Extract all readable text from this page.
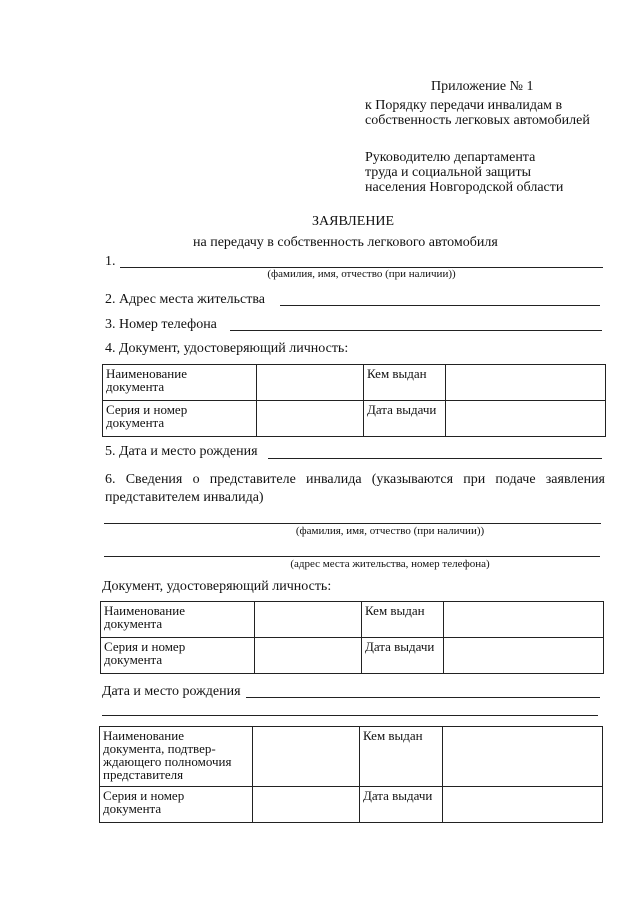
Приложение № 1
к Порядку передачи инвалидам в
собственность легковых автомобилей
Руководителю департамента
труда и социальной защиты
населения Новгородской области
ЗАЯВЛЕНИЕ
на передачу в собственность легкового автомобиля
1.
(фамилия, имя, отчество (при наличии))
2. Адрес места жительства
3. Номер телефона
4. Документ, удостоверяющий личность:
Наименование
документа		Кем выдан	

Серия и номер
документа		Дата выдачи	
5. Дата и место рождения
6. Сведения о представителе инвалида (указываются при подаче заявления
представителем инвалида)
(фамилия, имя, отчество (при наличии))
(адрес места жительства, номер телефона)
Документ, удостоверяющий личность:
Наименование
документа		Кем выдан	

Серия и номер
документа		Дата выдачи	
Дата и место рождения
Наименование
документа, подтвер-
ждающего полномочия
представителя		Кем выдан	

Серия и номер
документа		Дата выдачи	
